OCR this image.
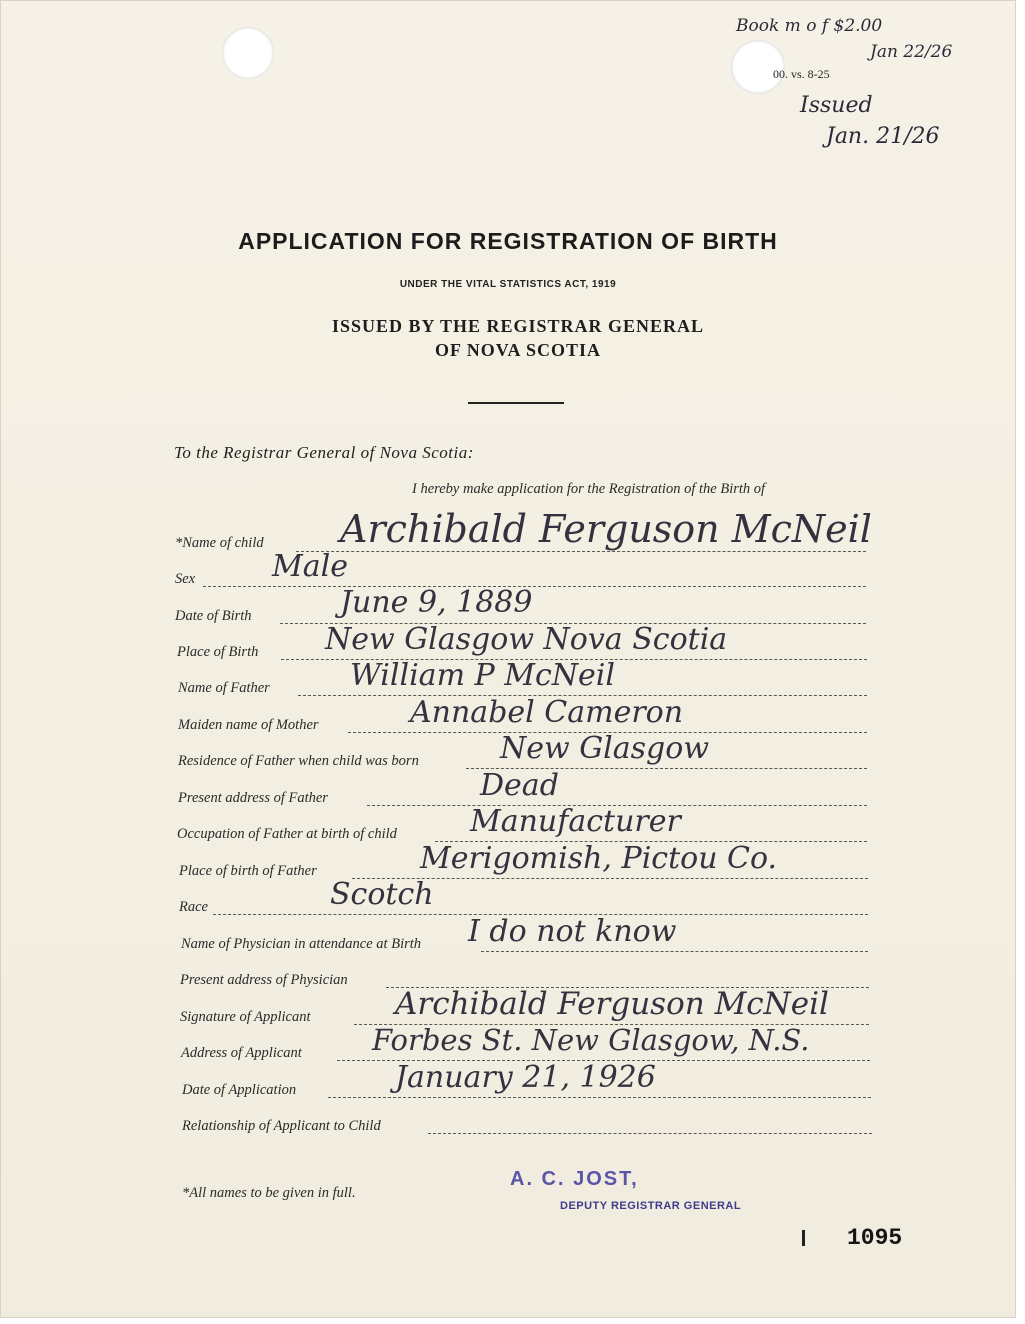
Book m o f $2.00
Jan 22/26
00. vs. 8-25
Issued
Jan. 21/26
APPLICATION FOR REGISTRATION OF BIRTH
UNDER THE VITAL STATISTICS ACT, 1919
ISSUED BY THE REGISTRAR GENERAL
OF NOVA SCOTIA
To the Registrar General of Nova Scotia:
I hereby make application for the Registration of the Birth of
*Name of child Archibald Ferguson McNeil
Sex	Male
Date of Birth	June 9, 1889
Place of Birth New Glasgow Nova Scotia
Name of Father	William P McNeil
Maiden name of Mother	Annabel Cameron
Residence of Father when child was born	New Glasgow
Present address of Father	Dead
Occupation of Father at birth of child Manufacturer
Place of birth of Father	Merigomish, Pictou Co.
Race	Scotch
Name of Physician in attendance at Birth I do not know
Present address of Physician
Signature of Applicant	Archibald Ferguson McNeil
Address of Applicant Forbes St. New Glasgow, N.S.
Date of Application	January 21, 1926
Relationship of Applicant to Child
*All names to be given in full.
A. C. JOST,
DEPUTY REGISTRAR GENERAL
1095
